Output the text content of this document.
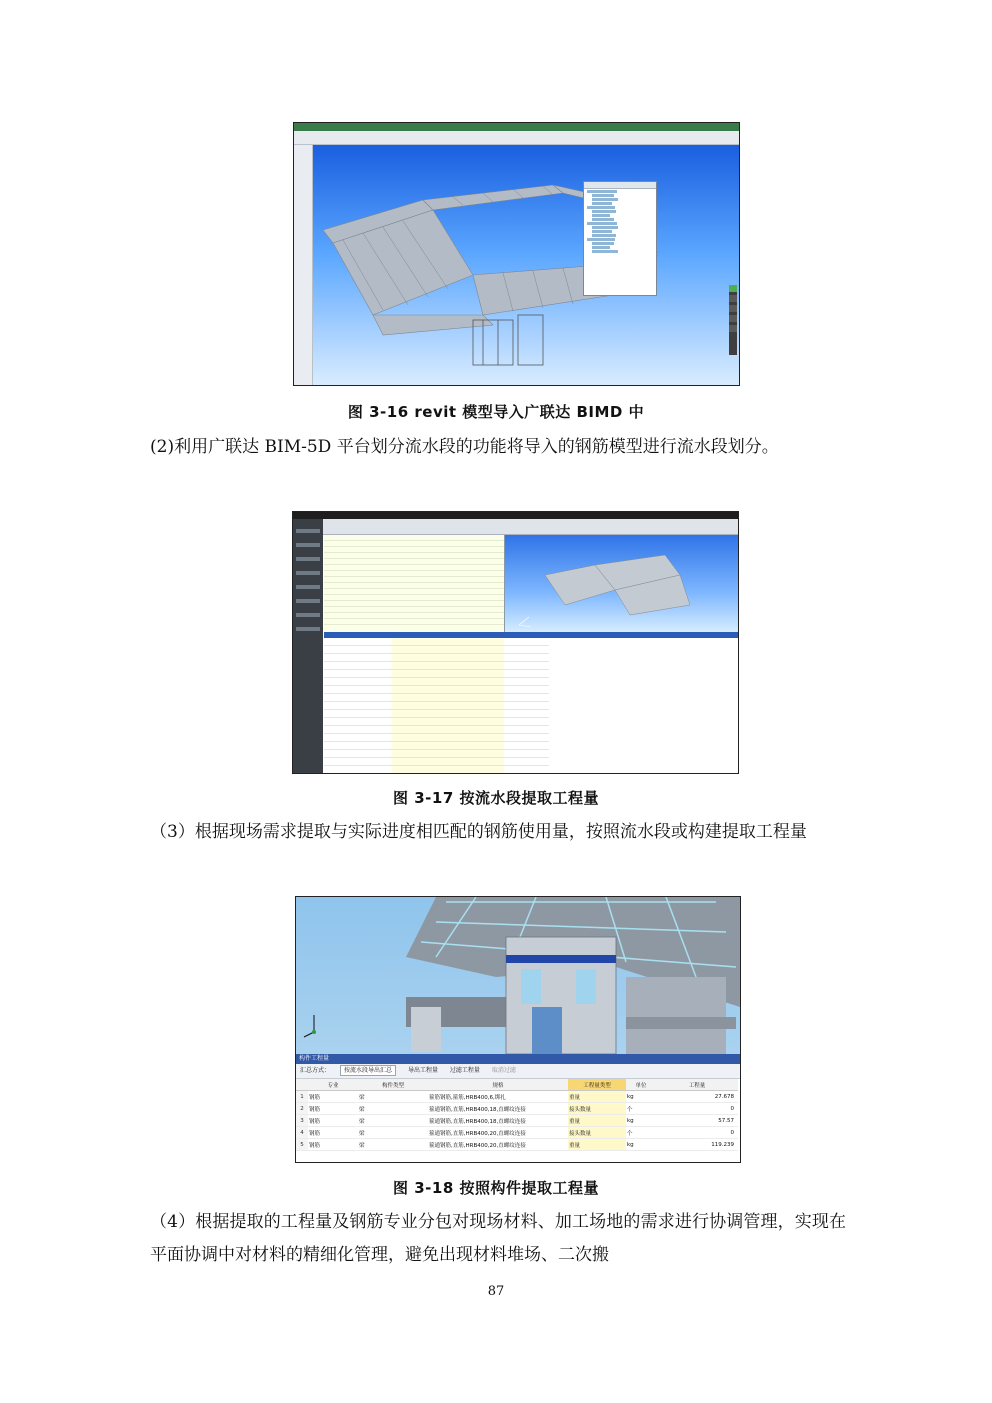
图 3-16 revit 模型导入广联达 BIMD 中
(2)利用广联达 BIM-5D 平台划分流水段的功能将导入的钢筋模型进行流水段划分。
图 3-17 按流水段提取工程量
（3）根据现场需求提取与实际进度相匹配的钢筋使用量，按照流水段或构建提取工程量
构件工程量
汇总方式： 按流水段导出汇总	导出工程量 过滤工程量 取消过滤
	专业	构件类型	规格	工程量类型	单位	工程量
1	钢筋	梁	箍筋钢筋,箍筋,HRB400,6,绑扎	重量	kg	27.678
2	钢筋	梁	箍通钢筋,直筋,HRB400,18,直螺纹连接	接头数量	个	0
3	钢筋	梁	箍通钢筋,直筋,HRB400,18,直螺纹连接	重量	kg	57.57
4	钢筋	梁	箍通钢筋,直筋,HRB400,20,直螺纹连接	接头数量	个	0
5	钢筋	梁	箍通钢筋,直筋,HRB400,20,直螺纹连接	重量	kg	119.239
图 3-18 按照构件提取工程量
（4）根据提取的工程量及钢筋专业分包对现场材料、加工场地的需求进行协调管理，实现在平面协调中对材料的精细化管理，避免出现材料堆场、二次搬
87
